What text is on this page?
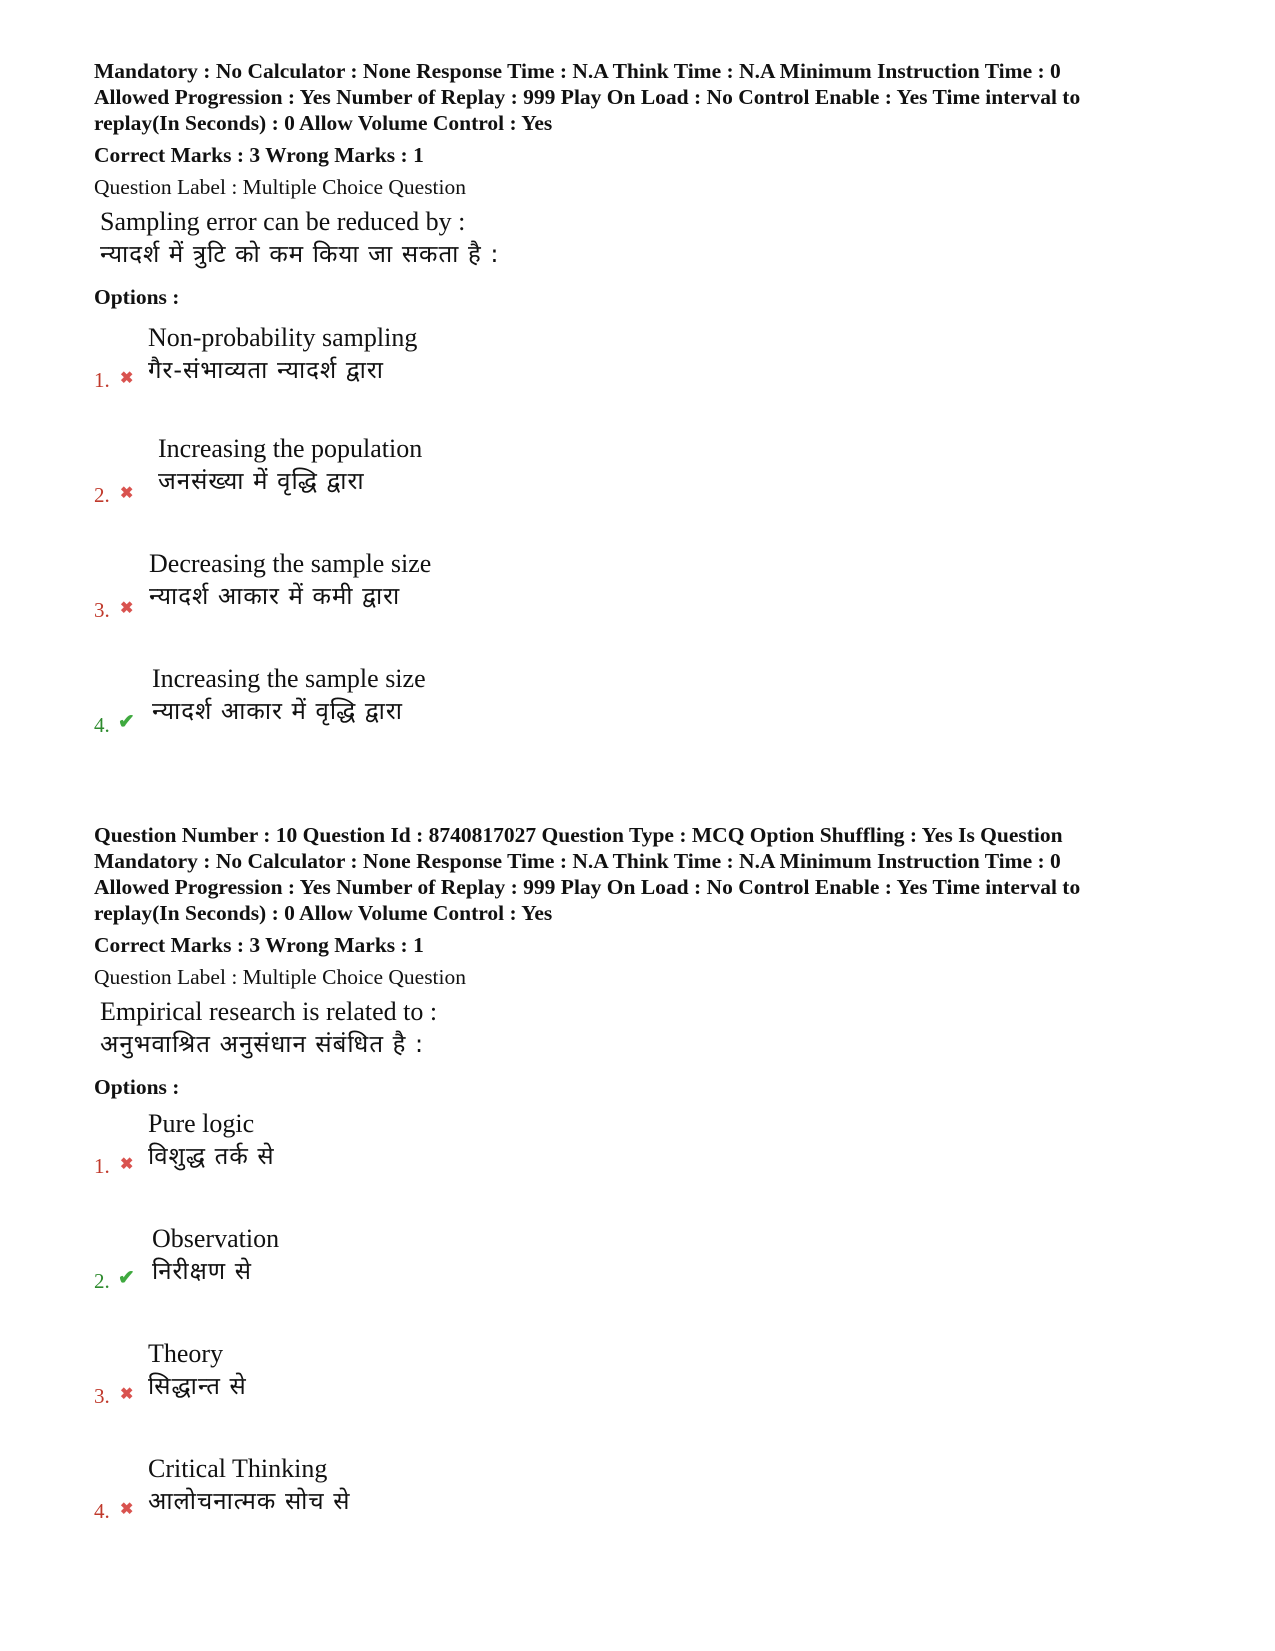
Mandatory : No Calculator : None Response Time : N.A Think Time : N.A Minimum Instruction Time : 0
Allowed Progression : Yes Number of Replay : 999 Play On Load : No Control Enable : Yes Time interval to
replay(In Seconds) : 0 Allow Volume Control : Yes
Correct Marks : 3 Wrong Marks : 1
Question Label : Multiple Choice Question
Sampling error can be reduced by :
न्यादर्श में त्रुटि को कम किया जा सकता है :
Options :
1. ✖
Non-probability sampling
गैर-संभाव्यता न्यादर्श द्वारा
2. ✖
Increasing the population
जनसंख्या में वृद्धि द्वारा
3. ✖
Decreasing the sample size
न्यादर्श आकार में कमी द्वारा
4. ✔
Increasing the sample size
न्यादर्श आकार में वृद्धि द्वारा
Question Number : 10 Question Id : 8740817027 Question Type : MCQ Option Shuffling : Yes Is Question
Mandatory : No Calculator : None Response Time : N.A Think Time : N.A Minimum Instruction Time : 0
Allowed Progression : Yes Number of Replay : 999 Play On Load : No Control Enable : Yes Time interval to
replay(In Seconds) : 0 Allow Volume Control : Yes
Correct Marks : 3 Wrong Marks : 1
Question Label : Multiple Choice Question
Empirical research is related to :
अनुभवाश्रित अनुसंधान संबंधित है :
Options :
1. ✖
Pure logic
विशुद्ध तर्क से
2. ✔
Observation
निरीक्षण से
3. ✖
Theory
सिद्धान्त से
4. ✖
Critical Thinking
आलोचनात्मक सोच से
